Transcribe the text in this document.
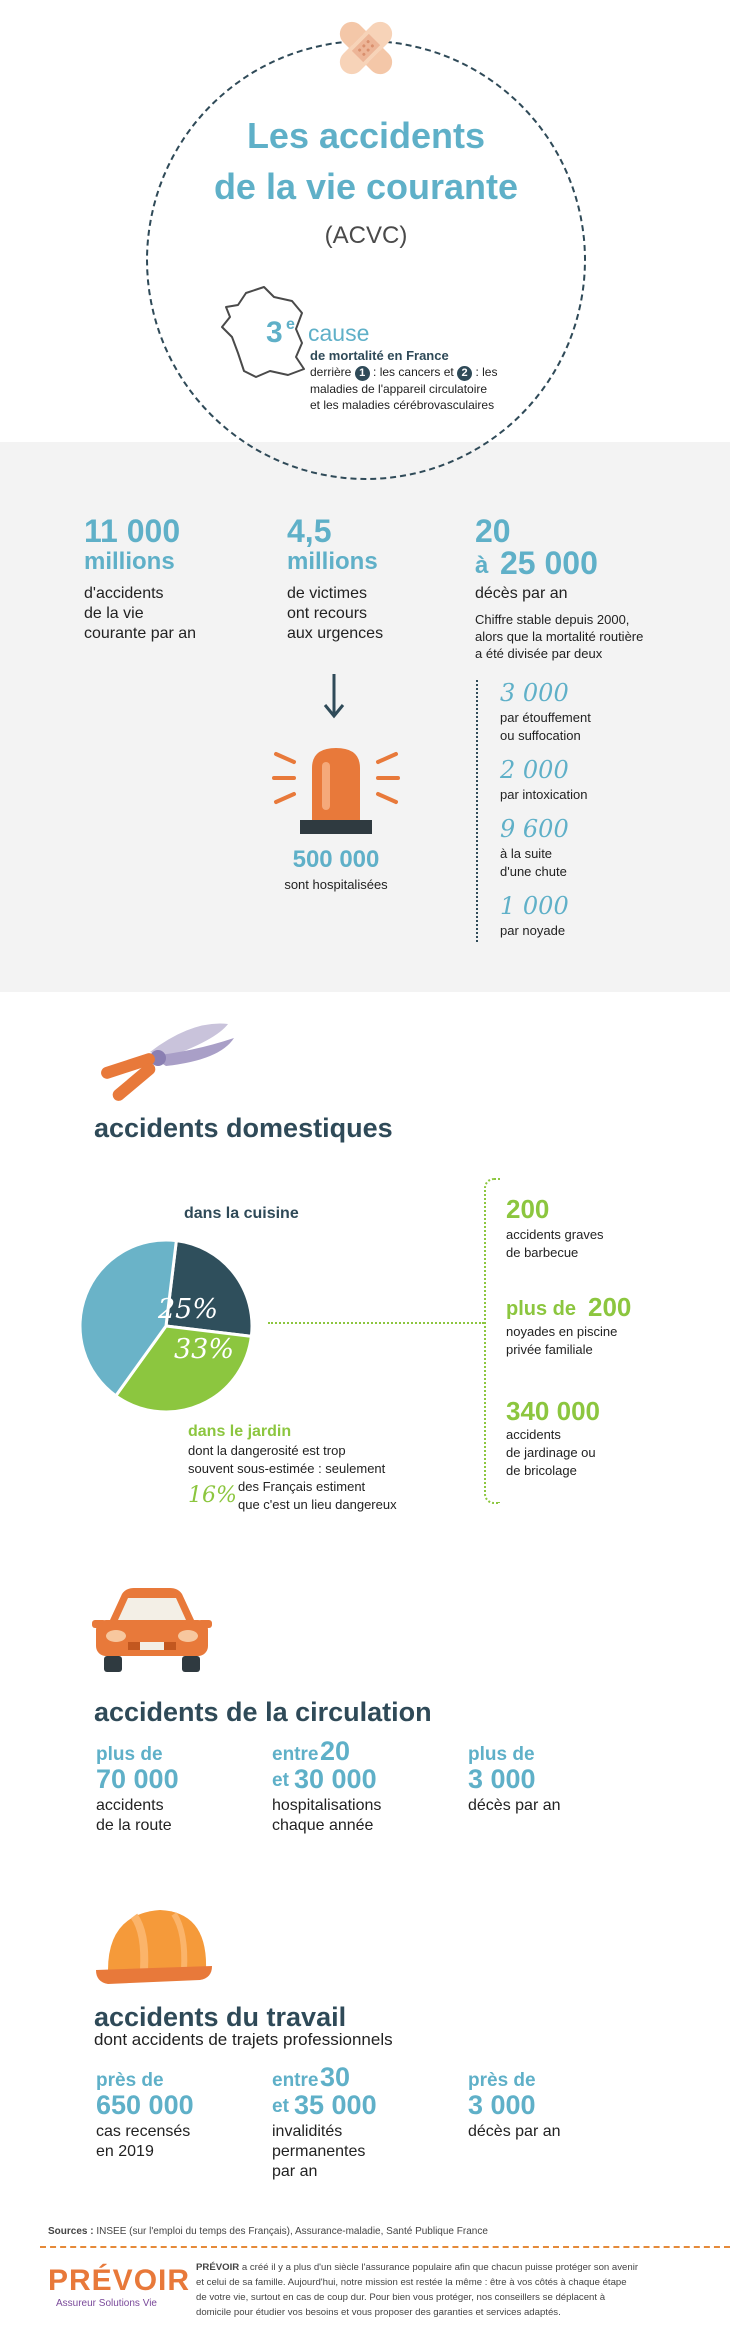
Les accidents
de la vie courante
(ACVC)
3 e cause
de mortalité en France
derrière 1 : les cancers et 2 : les
maladies de l'appareil circulatoire
et les maladies cérébrovasculaires
11 000
millions
d'accidents
de la vie
courante par an
4,5
millions
de victimes
ont recours
aux urgences
500 000
sont hospitalisées
20
à 25 000
décès par an
Chiffre stable depuis 2000,
alors que la mortalité routière
a été divisée par deux
3 000
par étouffement
ou suffocation
2 000
par intoxication
9 600
à la suite
d'une chute
1 000
par noyade
accidents domestiques
dans la cuisine
25%
33%
dans le jardin
dont la dangerosité est trop
souvent sous-estimée : seulement
16% des Français estiment
que c'est un lieu dangereux
200
accidents graves
de barbecue
plus de 200
noyades en piscine
privée familiale
340 000
accidents
de jardinage ou
de bricolage
accidents de la circulation
plus de
70 000
accidents
de la route
entre 20
et 30 000
hospitalisations
chaque année
plus de
3 000
décès par an
accidents du travail
dont accidents de trajets professionnels
près de
650 000
cas recensés
en 2019
entre 30
et 35 000
invalidités
permanentes
par an
près de
3 000
décès par an
Sources : INSEE (sur l'emploi du temps des Français), Assurance-maladie, Santé Publique France
PRÉVOIR
Assureur Solutions Vie
PRÉVOIR a créé il y a plus d'un siècle l'assurance populaire afin que chacun puisse protéger son avenir
et celui de sa famille. Aujourd'hui, notre mission est restée la même : être à vos côtés à chaque étape
de votre vie, surtout en cas de coup dur. Pour bien vous protéger, nos conseillers se déplacent à
domicile pour étudier vos besoins et vous proposer des garanties et services adaptés.
